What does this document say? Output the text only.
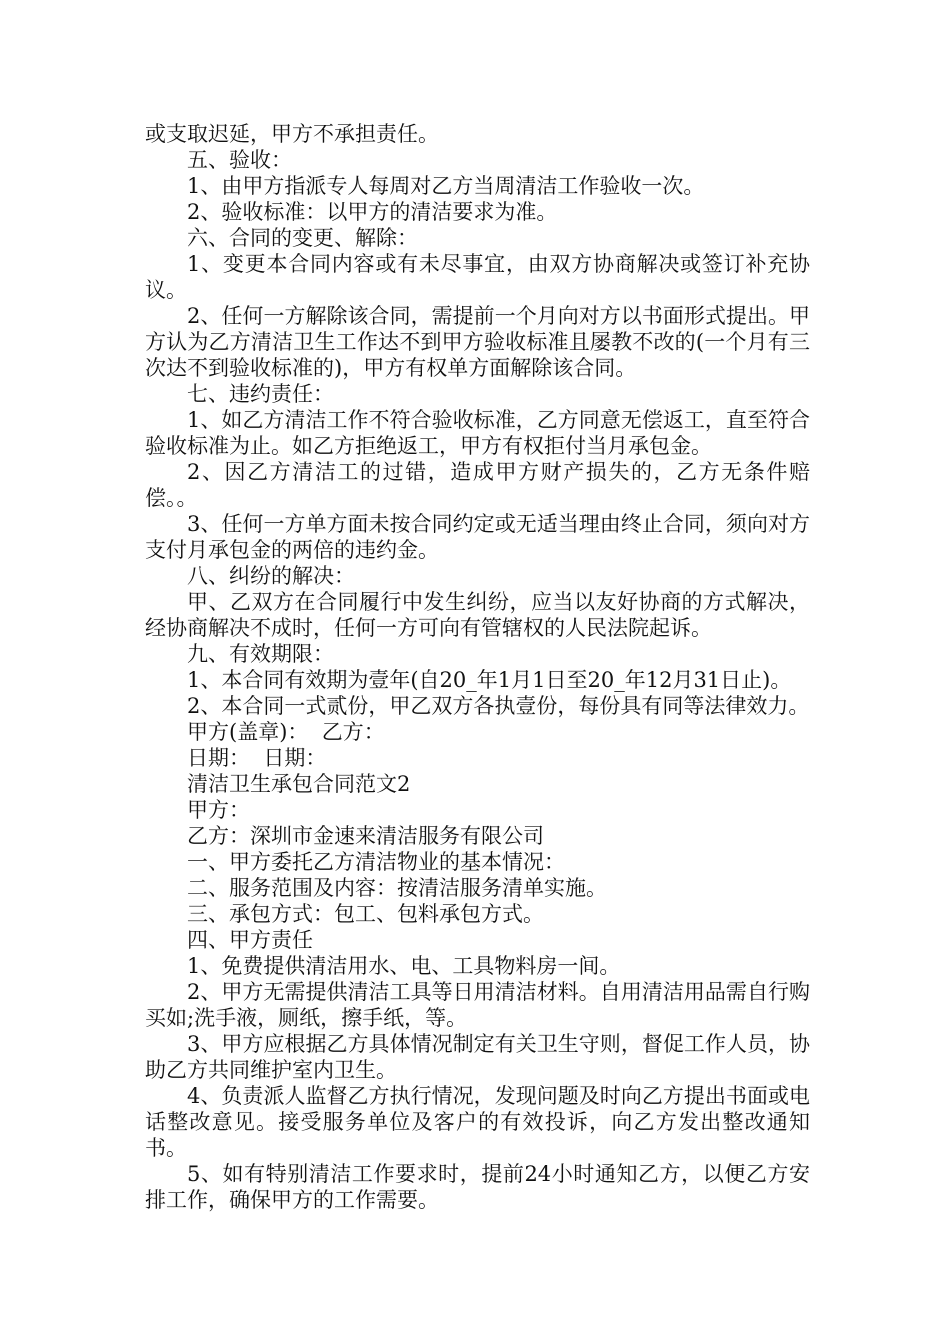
或支取迟延，甲方不承担责任。

五、验收：

1、由甲方指派专人每周对乙方当周清洁工作验收一次。

2、验收标准：以甲方的清洁要求为准。

六、合同的变更、解除：

1、变更本合同内容或有未尽事宜，由双方协商解决或签订补充协议。

2、任何一方解除该合同，需提前一个月向对方以书面形式提出。甲方认为乙方清洁卫生工作达不到甲方验收标准且屡教不改的(一个月有三次达不到验收标准的)，甲方有权单方面解除该合同。

七、违约责任：

1、如乙方清洁工作不符合验收标准，乙方同意无偿返工，直至符合验收标准为止。如乙方拒绝返工，甲方有权拒付当月承包金。

2、因乙方清洁工的过错，造成甲方财产损失的，乙方无条件赔偿。。

3、任何一方单方面未按合同约定或无适当理由终止合同，须向对方支付月承包金的两倍的违约金。

八、纠纷的解决：

甲、乙双方在合同履行中发生纠纷，应当以友好协商的方式解决，经协商解决不成时，任何一方可向有管辖权的人民法院起诉。

九、有效期限：

1、本合同有效期为壹年(自20_年1月1日至20_年12月31日止)。

2、本合同一式贰份，甲乙双方各执壹份，每份具有同等法律效力。

甲方(盖章)：  乙方：

日期：  日期：

清洁卫生承包合同范文2

甲方：

乙方：深圳市金速来清洁服务有限公司

一、甲方委托乙方清洁物业的基本情况：

二、服务范围及内容：按清洁服务清单实施。

三、承包方式：包工、包料承包方式。

四、甲方责任

1、免费提供清洁用水、电、工具物料房一间。

2、甲方无需提供清洁工具等日用清洁材料。自用清洁用品需自行购买如;洗手液，厕纸，擦手纸，等。

3、甲方应根据乙方具体情况制定有关卫生守则，督促工作人员，协助乙方共同维护室内卫生。

4、负责派人监督乙方执行情况，发现问题及时向乙方提出书面或电话整改意见。接受服务单位及客户的有效投诉，向乙方发出整改通知书。

5、如有特别清洁工作要求时，提前24小时通知乙方，以便乙方安排工作，确保甲方的工作需要。
